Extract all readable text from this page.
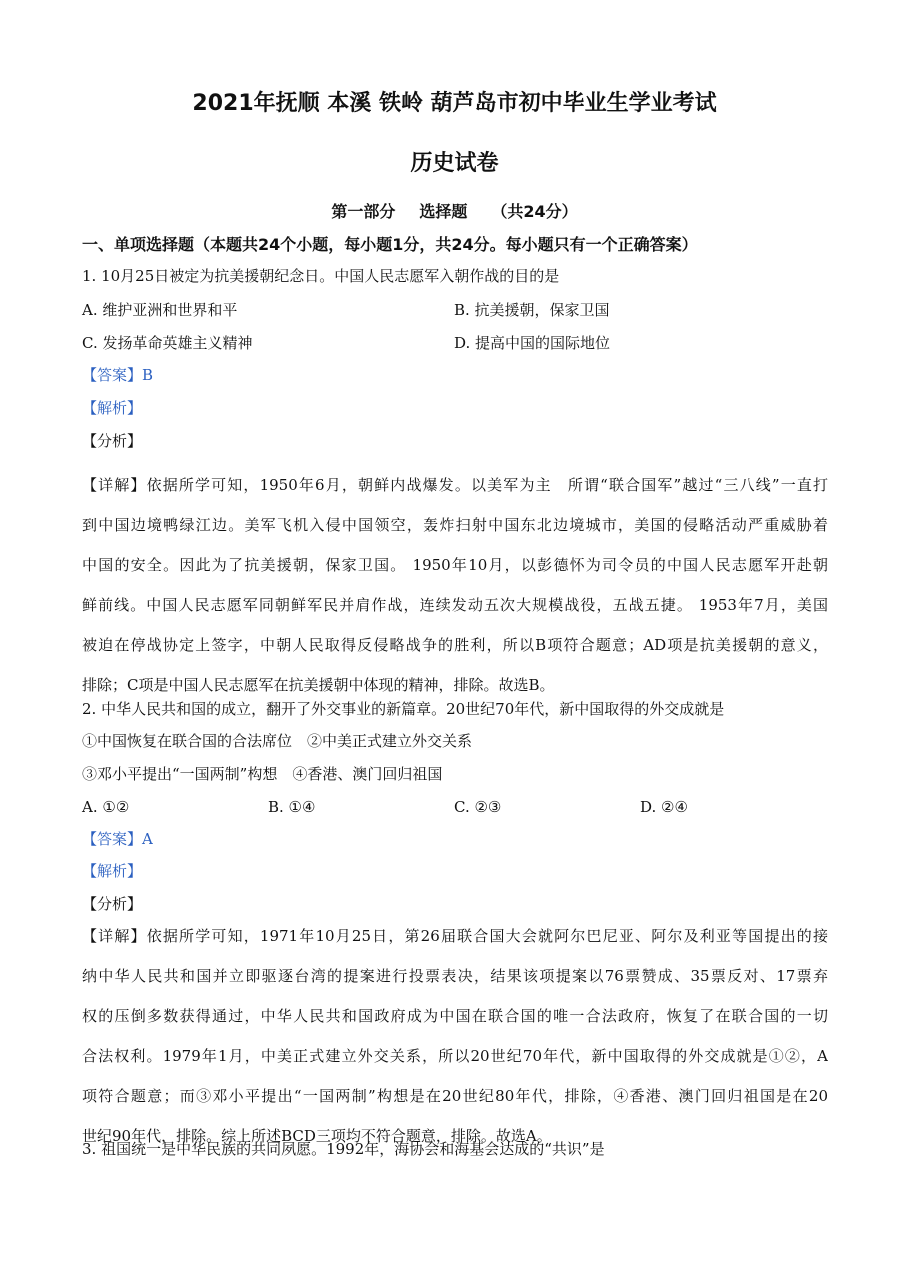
2021年抚顺 本溪 铁岭 葫芦岛市初中毕业生学业考试
历史试卷
第一部分 选择题 （共24分）
一、单项选择题（本题共24个小题，每小题1分，共24分。每小题只有一个正确答案）
1. 10月25日被定为抗美援朝纪念日。中国人民志愿军入朝作战的目的是
A. 维护亚洲和世界和平	B. 抗美援朝，保家卫国
C. 发扬革命英雄主义精神	D. 提高中国的国际地位
【答案】B
【解析】
【分析】
【详解】依据所学可知，1950年6月，朝鲜内战爆发。以美军为主　所谓“联合国军”越过“三八线”一直打
到中国边境鸭绿江边。美军飞机入侵中国领空，轰炸扫射中国东北边境城市，美国的侵略活动严重威胁着
中国的安全。因此为了抗美援朝，保家卫国。 1950年10月，以彭德怀为司令员的中国人民志愿军开赴朝
鲜前线。中国人民志愿军同朝鲜军民并肩作战，连续发动五次大规模战役，五战五捷。 1953年7月，美国
被迫在停战协定上签字，中朝人民取得反侵略战争的胜利，所以B项符合题意；AD项是抗美援朝的意义，
排除；C项是中国人民志愿军在抗美援朝中体现的精神，排除。故选B。
2. 中华人民共和国的成立，翻开了外交事业的新篇章。20世纪70年代，新中国取得的外交成就是
①中国恢复在联合国的合法席位　②中美正式建立外交关系
③邓小平提出“一国两制”构想　④香港、澳门回归祖国
A. ①②	B. ①④	C. ②③	D. ②④
【答案】A
【解析】
【分析】
【详解】依据所学可知，1971年10月25日，第26届联合国大会就阿尔巴尼亚、阿尔及利亚等国提出的接
纳中华人民共和国并立即驱逐台湾的提案进行投票表决，结果该项提案以76票赞成、35票反对、17票弃
权的压倒多数获得通过，中华人民共和国政府成为中国在联合国的唯一合法政府，恢复了在联合国的一切
合法权利。1979年1月，中美正式建立外交关系，所以20世纪70年代，新中国取得的外交成就是①②，A
项符合题意；而③邓小平提出“一国两制”构想是在20世纪80年代，排除，④香港、澳门回归祖国是在20
世纪90年代，排除。综上所述BCD三项均不符合题意，排除。故选A。
3. 祖国统一是中华民族的共同夙愿。1992年，海协会和海基会达成的“共识”是
